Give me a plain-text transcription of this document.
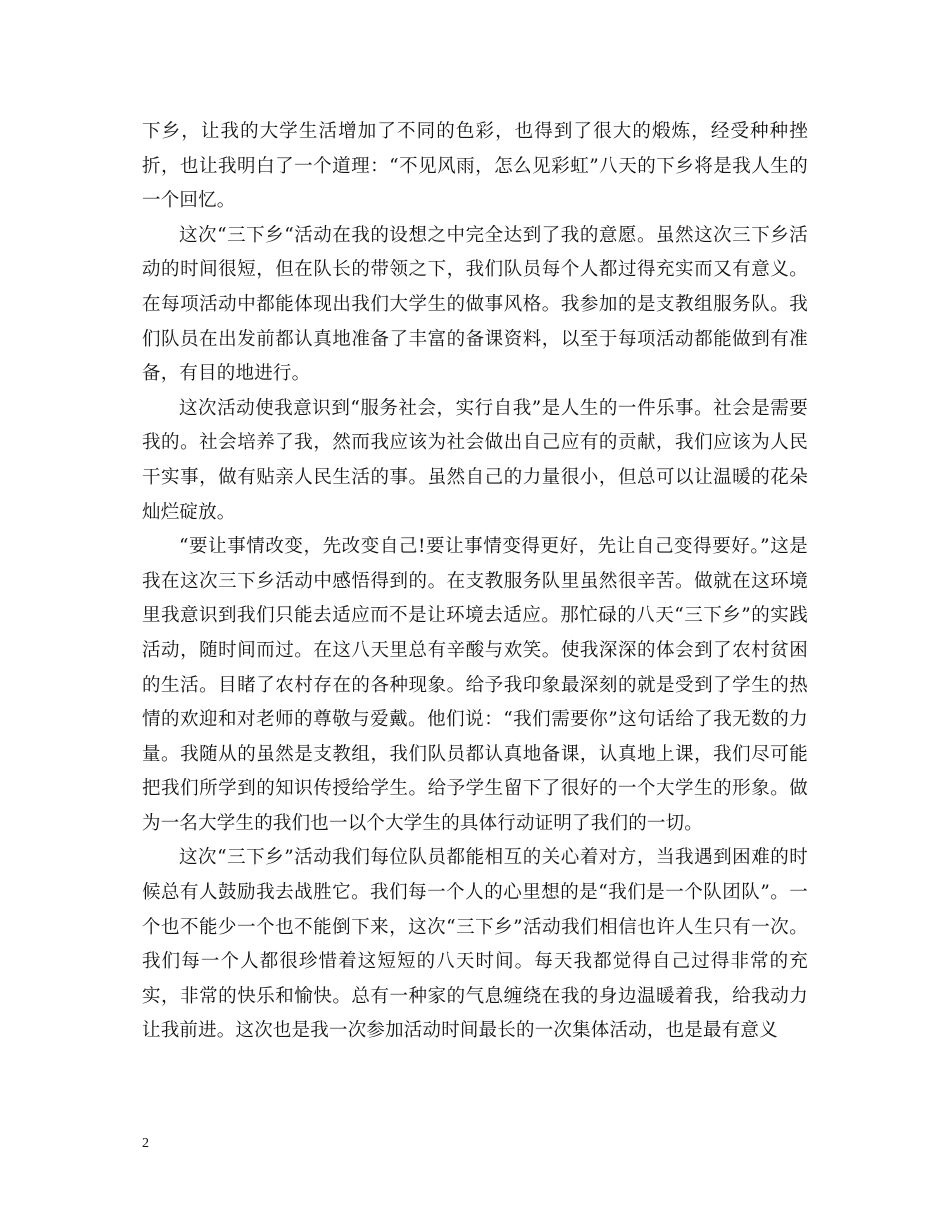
下乡，让我的大学生活增加了不同的色彩，也得到了很大的煅炼，经受种种挫折，也让我明白了一个道理：“不见风雨，怎么见彩虹”八天的下乡将是我人生的一个回忆。

这次“三下乡“活动在我的设想之中完全达到了我的意愿。虽然这次三下乡活动的时间很短，但在队长的带领之下，我们队员每个人都过得充实而又有意义。在每项活动中都能体现出我们大学生的做事风格。我参加的是支教组服务队。我们队员在出发前都认真地准备了丰富的备课资料，以至于每项活动都能做到有准备，有目的地进行。

这次活动使我意识到“服务社会，实行自我”是人生的一件乐事。社会是需要我的。社会培养了我，然而我应该为社会做出自己应有的贡献，我们应该为人民干实事，做有贴亲人民生活的事。虽然自己的力量很小，但总可以让温暖的花朵灿烂碇放。

“要让事情改变，先改变自己!要让事情变得更好，先让自己变得要好。”这是我在这次三下乡活动中感悟得到的。在支教服务队里虽然很辛苦。做就在这环境里我意识到我们只能去适应而不是让环境去适应。那忙碌的八天“三下乡”的实践活动，随时间而过。在这八天里总有辛酸与欢笑。使我深深的体会到了农村贫困的生活。目睹了农村存在的各种现象。给予我印象最深刻的就是受到了学生的热情的欢迎和对老师的尊敬与爱戴。他们说：“我们需要你”这句话给了我无数的力量。我随从的虽然是支教组，我们队员都认真地备课，认真地上课，我们尽可能把我们所学到的知识传授给学生。给予学生留下了很好的一个大学生的形象。做为一名大学生的我们也一以个大学生的具体行动证明了我们的一切。

这次“三下乡”活动我们每位队员都能相互的关心着对方，当我遇到困难的时候总有人鼓励我去战胜它。我们每一个人的心里想的是“我们是一个队团队”。一个也不能少一个也不能倒下来，这次“三下乡”活动我们相信也许人生只有一次。我们每一个人都很珍惜着这短短的八天时间。每天我都觉得自己过得非常的充实，非常的快乐和愉快。总有一种家的气息缠绕在我的身边温暖着我，给我动力让我前进。这次也是我一次参加活动时间最长的一次集体活动，也是最有意义

2
